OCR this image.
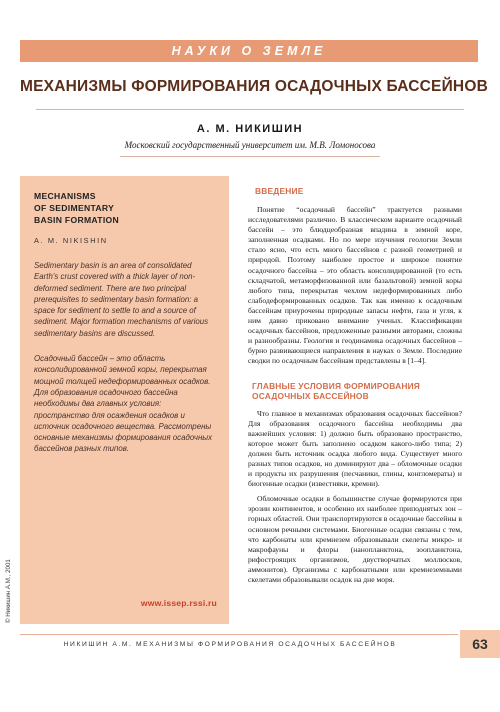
НАУКИ О ЗЕМЛЕ
МЕХАНИЗМЫ ФОРМИРОВАНИЯ ОСАДОЧНЫХ БАССЕЙНОВ
А. М. НИКИШИН
Московский государственный университет им. М.В. Ломоносова
MECHANISMS
OF SEDIMENTARY
BASIN FORMATION
A. M. NIKISHIN
Sedimentary basin is an area of consolidated Earth's crust covered with a thick layer of non-deformed sediment. There are two principal prerequisites to sedimentary basin formation: a space for sediment to settle to and a source of sediment. Major formation mechanisms of various sedimentary basins are discussed.
Осадочный бассейн – это область консолидированной земной коры, перекрытая мощной толщей недеформированных осадков. Для образования осадочного бассейна необходимы два главных условия: пространство для осаждения осадков и источник осадочного вещества. Рассмотрены основные механизмы формирования осадочных бассейнов разных типов.
www.issep.rssi.ru
© Никишин А.М., 2001
ВВЕДЕНИЕ

Понятие “осадочный бассейн” трактуется разными исследователями различно. В классическом варианте осадочный бассейн – это блюдцеобразная впадина в земной коре, заполненная осадками. Но по мере изучения геологии Земли стало ясно, что есть много бассейнов с разной геометрией и природой. Поэтому наиболее простое и широкое понятие осадочного бассейна – это область консолидированной (то есть складчатой, метаморфизованной или базальтовой) земной коры любого типа, перекрытая чехлом недеформированных либо слабодеформированных осадков. Так как именно к осадочным бассейнам приурочены природные запасы нефти, газа и угля, к ним давно приковано внимание ученых. Классификации осадочных бассейнов, предложенные разными авторами, сложны и разнообразны. Геология и геодинамика осадочных бассейнов – бурно развивающиеся направления в науках о Земле. Последние сводки по осадочным бассейнам представлены в [1–4].

ГЛАВНЫЕ УСЛОВИЯ ФОРМИРОВАНИЯ
ОСАДОЧНЫХ БАССЕЙНОВ

Что главное в механизмах образования осадочных бассейнов? Для образования осадочного бассейна необходимы два важнейших условия: 1) должно быть образовано пространство, которое может быть заполнено осадком какого-либо типа; 2) должен быть источник осадка любого вида. Существует много разных типов осадков, но доминируют два – обломочные осадки и продукты их разрушения (песчаники, глины, конгломераты) и биогенные осадки (известняки, кремни).

Обломочные осадки в большинстве случае формируются при эрозии континентов, и особенно их наиболее приподнятых зон – горных областей. Они транспортируются в осадочные бассейны в основном речными системами. Биогенные осадки связаны с тем, что карбонаты или кремнезем образовывали скелеты микро- и макрофауны и флоры (нанопланктона, зоопланктона, рифостроящих организмов, двустворчатых моллюсков, аммонитов). Организмы с карбонатными или кремнеземными скелетами образовывали осадок на дне моря.

НИКИШИН А.М. МЕХАНИЗМЫ ФОРМИРОВАНИЯ ОСАДОЧНЫХ БАССЕЙНОВ	63
